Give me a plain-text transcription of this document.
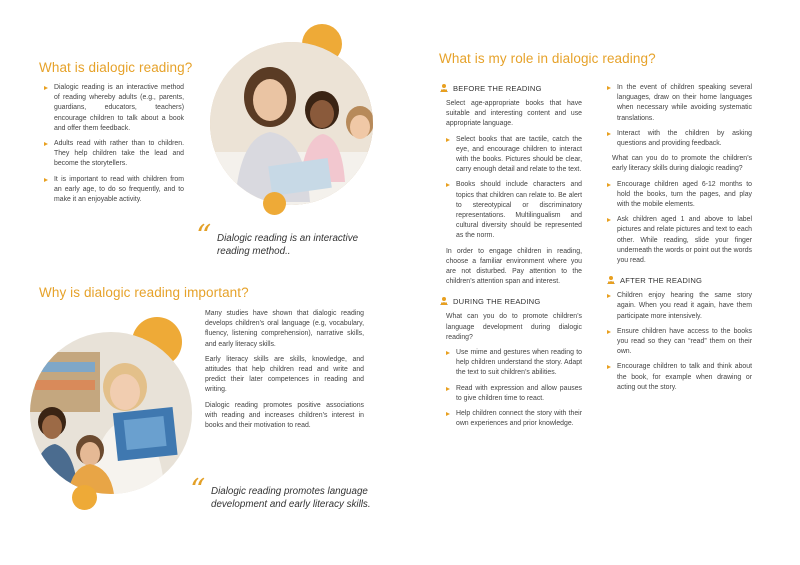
What is dialogic reading?
Dialogic reading is an interactive method of reading whereby adults (e.g., parents, guardians, educators, teachers) encourage children to talk about a book and offer them feedback.
Adults read with rather than to children. They help children take the lead and become the storytellers.
It is important to read with children from an early age, to do so frequently, and to make it an enjoyable activity.
“ Dialogic reading is an interactive reading method..
Why is dialogic reading important?

Many studies have shown that dialogic reading develops children’s oral language (e.g, vocabulary, fluency, listening comprehension), narrative skills, and early literacy skills.

Early literacy skills are skills, knowledge, and attitudes that help children read and write and predict their later competences in reading and writing.

Dialogic reading promotes positive associations with reading and increases children’s interest in books and their motivation to read.

“ Dialogic reading promotes language development and early literacy skills.
What is my role in dialogic reading?
BEFORE THE READING

Select age-appropriate books that have suitable and interesting content and use appropriate language.

Select books that are tactile, catch the eye, and encourage children to interact with the books. Pictures should be clear, carry enough detail and relate to the text.
Books should include characters and topics that children can relate to. Be alert to stereotypical or discriminatory representations. Multilingualism and cultural diversity should be represented as the norm.

In order to engage children in reading, choose a familiar environment where you are not disturbed. Pay attention to the children’s attention span and interest.

DURING THE READING

What can you do to promote children’s language development during dialogic reading?

Use mime and gestures when reading to help children understand the story. Adapt the text to suit children’s abilities.
Read with expression and allow pauses to give children time to react.
Help children connect the story with their own experiences and prior knowledge.
In the event of children speaking several languages, draw on their home languages when necessary while avoiding systematic translations.
Interact with the children by asking questions and providing feedback.

What can you do to promote the children’s early literacy skills during dialogic reading?

Encourage children aged 6-12 months to hold the books, turn the pages, and play with the mobile elements.
Ask children aged 1 and above to label pictures and relate pictures and text to each other. While reading, slide your finger underneath the words or point out the words you read.
AFTER THE READING
Children enjoy hearing the same story again. When you read it again, have them participate more intensively.
Ensure children have access to the books you read so they can “read” them on their own.
Encourage children to talk and think about the book, for example when drawing or acting out the story.
